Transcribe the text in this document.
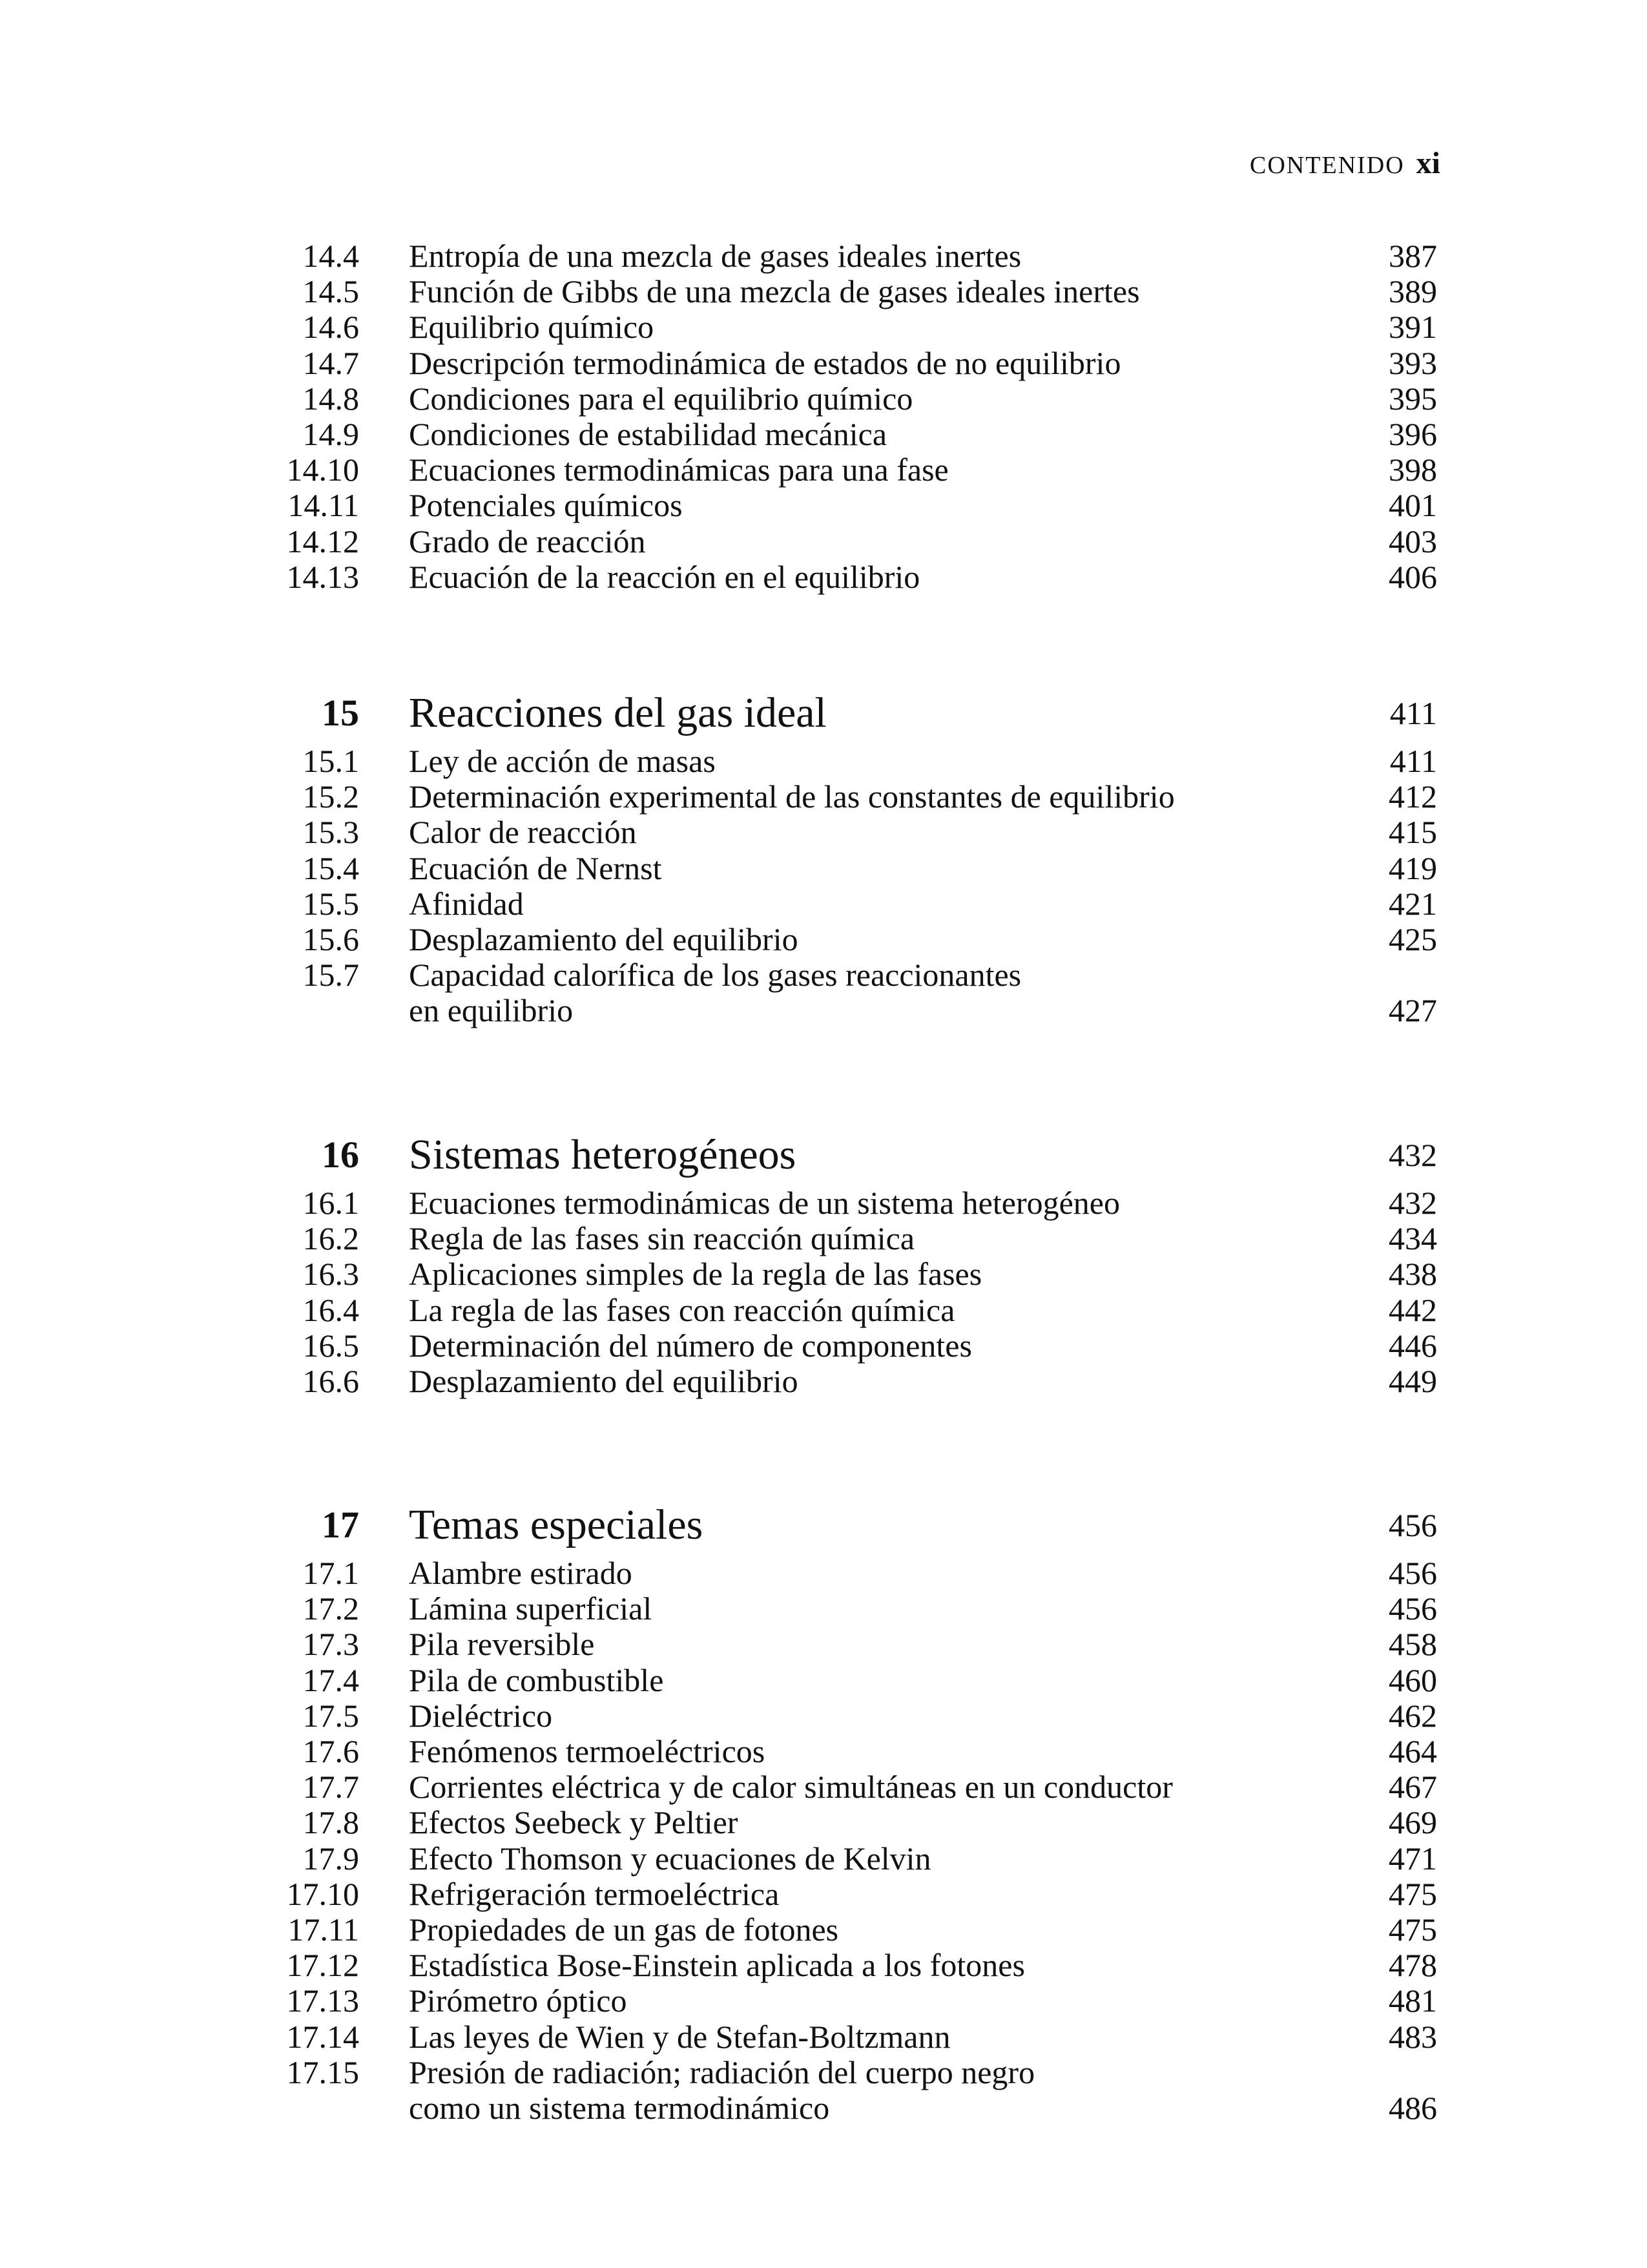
CONTENIDO xi
14.4 Entropía de una mezcla de gases ideales inertes	387
14.5 Función de Gibbs de una mezcla de gases ideales inertes	389
14.6 Equilibrio químico	391
14.7 Descripción termodinámica de estados de no equilibrio	393
14.8 Condiciones para el equilibrio químico	395
14.9 Condiciones de estabilidad mecánica	396
14.10 Ecuaciones termodinámicas para una fase	398
14.11 Potenciales químicos	401
14.12 Grado de reacción	403
14.13 Ecuación de la reacción en el equilibrio	406
15 Reacciones del gas ideal	411
15.1 Ley de acción de masas	411
15.2 Determinación experimental de las constantes de equilibrio	412
15.3 Calor de reacción	415
15.4 Ecuación de Nernst	419
15.5 Afinidad	421
15.6 Desplazamiento del equilibrio	425
15.7 Capacidad calorífica de los gases reaccionantes
en equilibrio	427
16 Sistemas heterogéneos	432
16.1 Ecuaciones termodinámicas de un sistema heterogéneo	432
16.2 Regla de las fases sin reacción química	434
16.3 Aplicaciones simples de la regla de las fases	438
16.4 La regla de las fases con reacción química	442
16.5 Determinación del número de componentes	446
16.6 Desplazamiento del equilibrio	449
17 Temas especiales	456
17.1 Alambre estirado	456
17.2 Lámina superficial	456
17.3 Pila reversible	458
17.4 Pila de combustible	460
17.5 Dieléctrico	462
17.6 Fenómenos termoeléctricos	464
17.7 Corrientes eléctrica y de calor simultáneas en un conductor	467
17.8 Efectos Seebeck y Peltier	469
17.9 Efecto Thomson y ecuaciones de Kelvin	471
17.10 Refrigeración termoeléctrica	475
17.11 Propiedades de un gas de fotones	475
17.12 Estadística Bose-Einstein aplicada a los fotones	478
17.13 Pirómetro óptico	481
17.14 Las leyes de Wien y de Stefan-Boltzmann	483
17.15 Presión de radiación; radiación del cuerpo negro
como un sistema termodinámico	486
